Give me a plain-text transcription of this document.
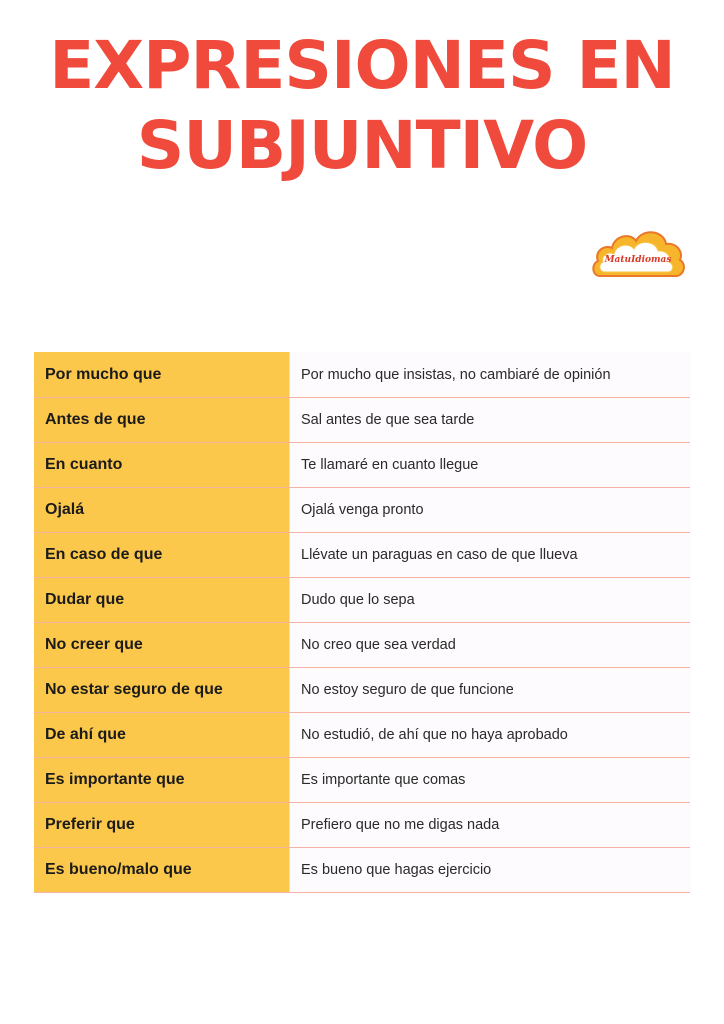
EXPRESIONES EN
SUBJUNTIVO
MatuIdiomas
Por mucho que	Por mucho que insistas, no cambiaré de opinión
Antes de que	Sal antes de que sea tarde
En cuanto	Te llamaré en cuanto llegue
Ojalá	Ojalá venga pronto
En caso de que	Llévate un paraguas en caso de que llueva
Dudar que	Dudo que lo sepa
No creer que	No creo que sea verdad
No estar seguro de que	No estoy seguro de que funcione
De ahí que	No estudió, de ahí que no haya aprobado
Es importante que	Es importante que comas
Preferir que	Prefiero que no me digas nada
Es bueno/malo que	Es bueno que hagas ejercicio
